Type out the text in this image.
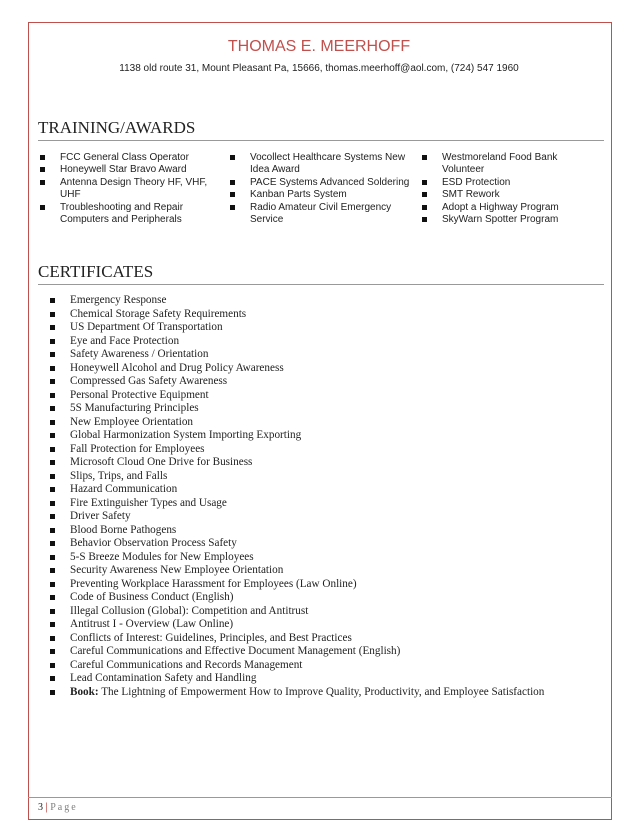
THOMAS E. MEERHOFF
1138 old route 31, Mount Pleasant Pa, 15666, thomas.meerhoff@aol.com, (724) 547 1960
TRAINING/AWARDS
FCC General Class Operator
Honeywell Star Bravo Award
Antenna Design Theory HF, VHF, UHF
Troubleshooting and Repair Computers and Peripherals
Vocollect Healthcare Systems New Idea Award
PACE Systems Advanced Soldering
Kanban Parts System
Radio Amateur Civil Emergency Service
Westmoreland Food Bank Volunteer
ESD Protection
SMT Rework
Adopt a Highway Program
SkyWarn Spotter Program
CERTIFICATES
Emergency Response
Chemical Storage Safety Requirements
US Department Of Transportation
Eye and Face Protection
Safety Awareness / Orientation
Honeywell Alcohol and Drug Policy Awareness
Compressed Gas Safety Awareness
Personal Protective Equipment
5S Manufacturing Principles
New Employee Orientation
Global Harmonization System Importing Exporting
Fall Protection for Employees
Microsoft Cloud One Drive for Business
Slips, Trips, and Falls
Hazard Communication
Fire Extinguisher Types and Usage
Driver Safety
Blood Borne Pathogens
Behavior Observation Process Safety
5-S Breeze Modules for New Employees
Security Awareness New Employee Orientation
Preventing Workplace Harassment for Employees (Law Online)
Code of Business Conduct (English)
Illegal Collusion (Global): Competition and Antitrust
Antitrust I - Overview (Law Online)
Conflicts of Interest: Guidelines, Principles, and Best Practices
Careful Communications and Effective Document Management (English)
Careful Communications and Records Management
Lead Contamination Safety and Handling
Book: The Lightning of Empowerment How to Improve Quality, Productivity, and Employee Satisfaction
3 | Page
